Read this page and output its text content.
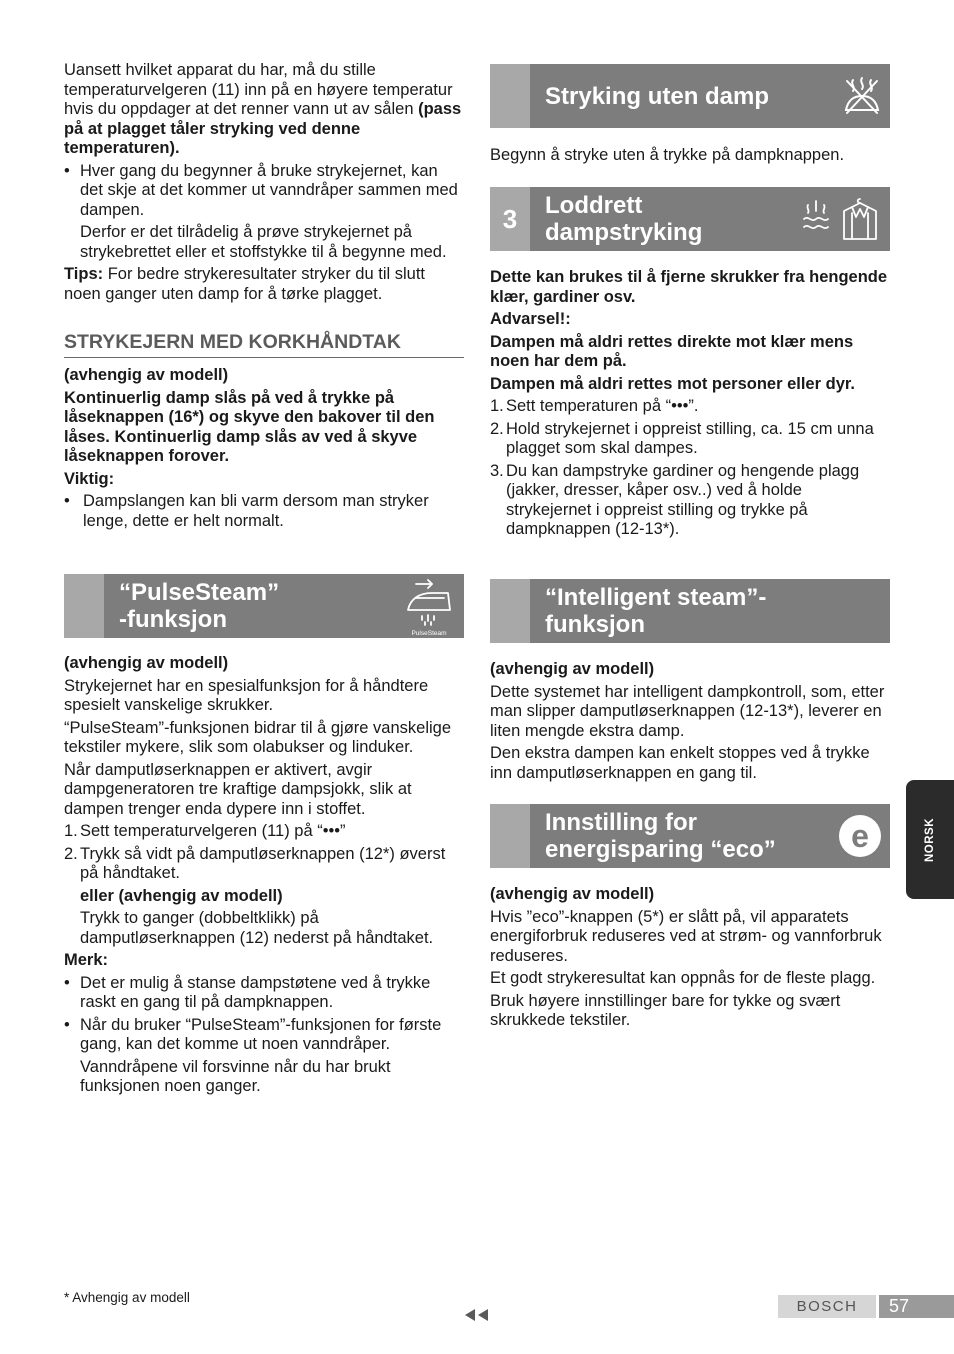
Uansett hvilket apparat du har, må du stille temperaturvelgeren (11) inn på en høyere temperatur hvis du oppdager at det renner vann ut av sålen (pass på at plagget tåler stryking ved denne temperaturen).

• Hver gang du begynner å bruke strykejernet, kan det skje at det kommer ut vanndråper sammen med dampen.

Derfor er det tilrådelig å prøve strykejernet på strykebrettet eller et stoffstykke til å begynne med.

Tips: For bedre strykeresultater stryker du til slutt noen ganger uten damp for å tørke plagget.

STRYKEJERN MED KORKHÅNDTAK

(avhengig av modell)

Kontinuerlig damp slås på ved å trykke på låseknappen (16*) og skyve den bakover til den låses. Kontinuerlig damp slås av ved å skyve låseknappen forover.

Viktig:

• Dampslangen kan bli varm dersom man stryker lenge, dette er helt normalt.

“PulseSteam”
-funksjon
PulseSteam

(avhengig av modell)

Strykejernet har en spesialfunksjon for å håndtere spesielt vanskelige skrukker.

“PulseSteam”-funksjonen bidrar til å gjøre vanskelige tekstiler mykere, slik som olabukser og linduker.

Når damputløserknappen er aktivert, avgir dampgeneratoren tre kraftige dampsjokk, slik at dampen trenger enda dypere inn i stoffet.

1. Sett temperaturvelgeren (11) på “•••”

2. Trykk så vidt på damputløserknappen (12*) øverst på håndtaket.

eller (avhengig av modell)

Trykk to ganger (dobbeltklikk) på damputløserknappen (12) nederst på håndtaket.

Merk:

• Det er mulig å stanse dampstøtene ved å trykke raskt en gang til på dampknappen.

• Når du bruker “PulseSteam”-funksjonen for første gang, kan det komme ut noen vanndråper.

Vanndråpene vil forsvinne når du har brukt funksjonen noen ganger.

Stryking uten damp

Begynn å stryke uten å trykke på dampknappen.

3	Loddrett
dampstryking

Dette kan brukes til å fjerne skrukker fra hengende klær, gardiner osv.

Advarsel!:

Dampen må aldri rettes direkte mot klær mens noen har dem på.

Dampen må aldri rettes mot personer eller dyr.

1. Sett temperaturen på “•••”.

2. Hold strykejernet i oppreist stilling, ca. 15 cm unna plagget som skal dampes.

3. Du kan dampstryke gardiner og hengende plagg (jakker, dresser, kåper osv..) ved å holde strykejernet i oppreist stilling og trykke på dampknappen (12-13*).

“Intelligent steam”-
funksjon

(avhengig av modell)

Dette systemet har intelligent dampkontroll, som, etter man slipper damputløserknappen (12-13*), leverer en liten mengde ekstra damp.

Den ekstra dampen kan enkelt stoppes ved å trykke inn damputløserknappen en gang til.

Innstilling for
energisparing “eco” e

(avhengig av modell)

Hvis ”eco”-knappen (5*) er slått på, vil apparatets energiforbruk reduseres ved at strøm- og vannforbruk reduseres.

Et godt strykeresultat kan oppnås for de fleste plagg.

Bruk høyere innstillinger bare for tykke og svært skrukkede tekstiler.

NORSK
* Avhengig av modell
BOSCH 57
